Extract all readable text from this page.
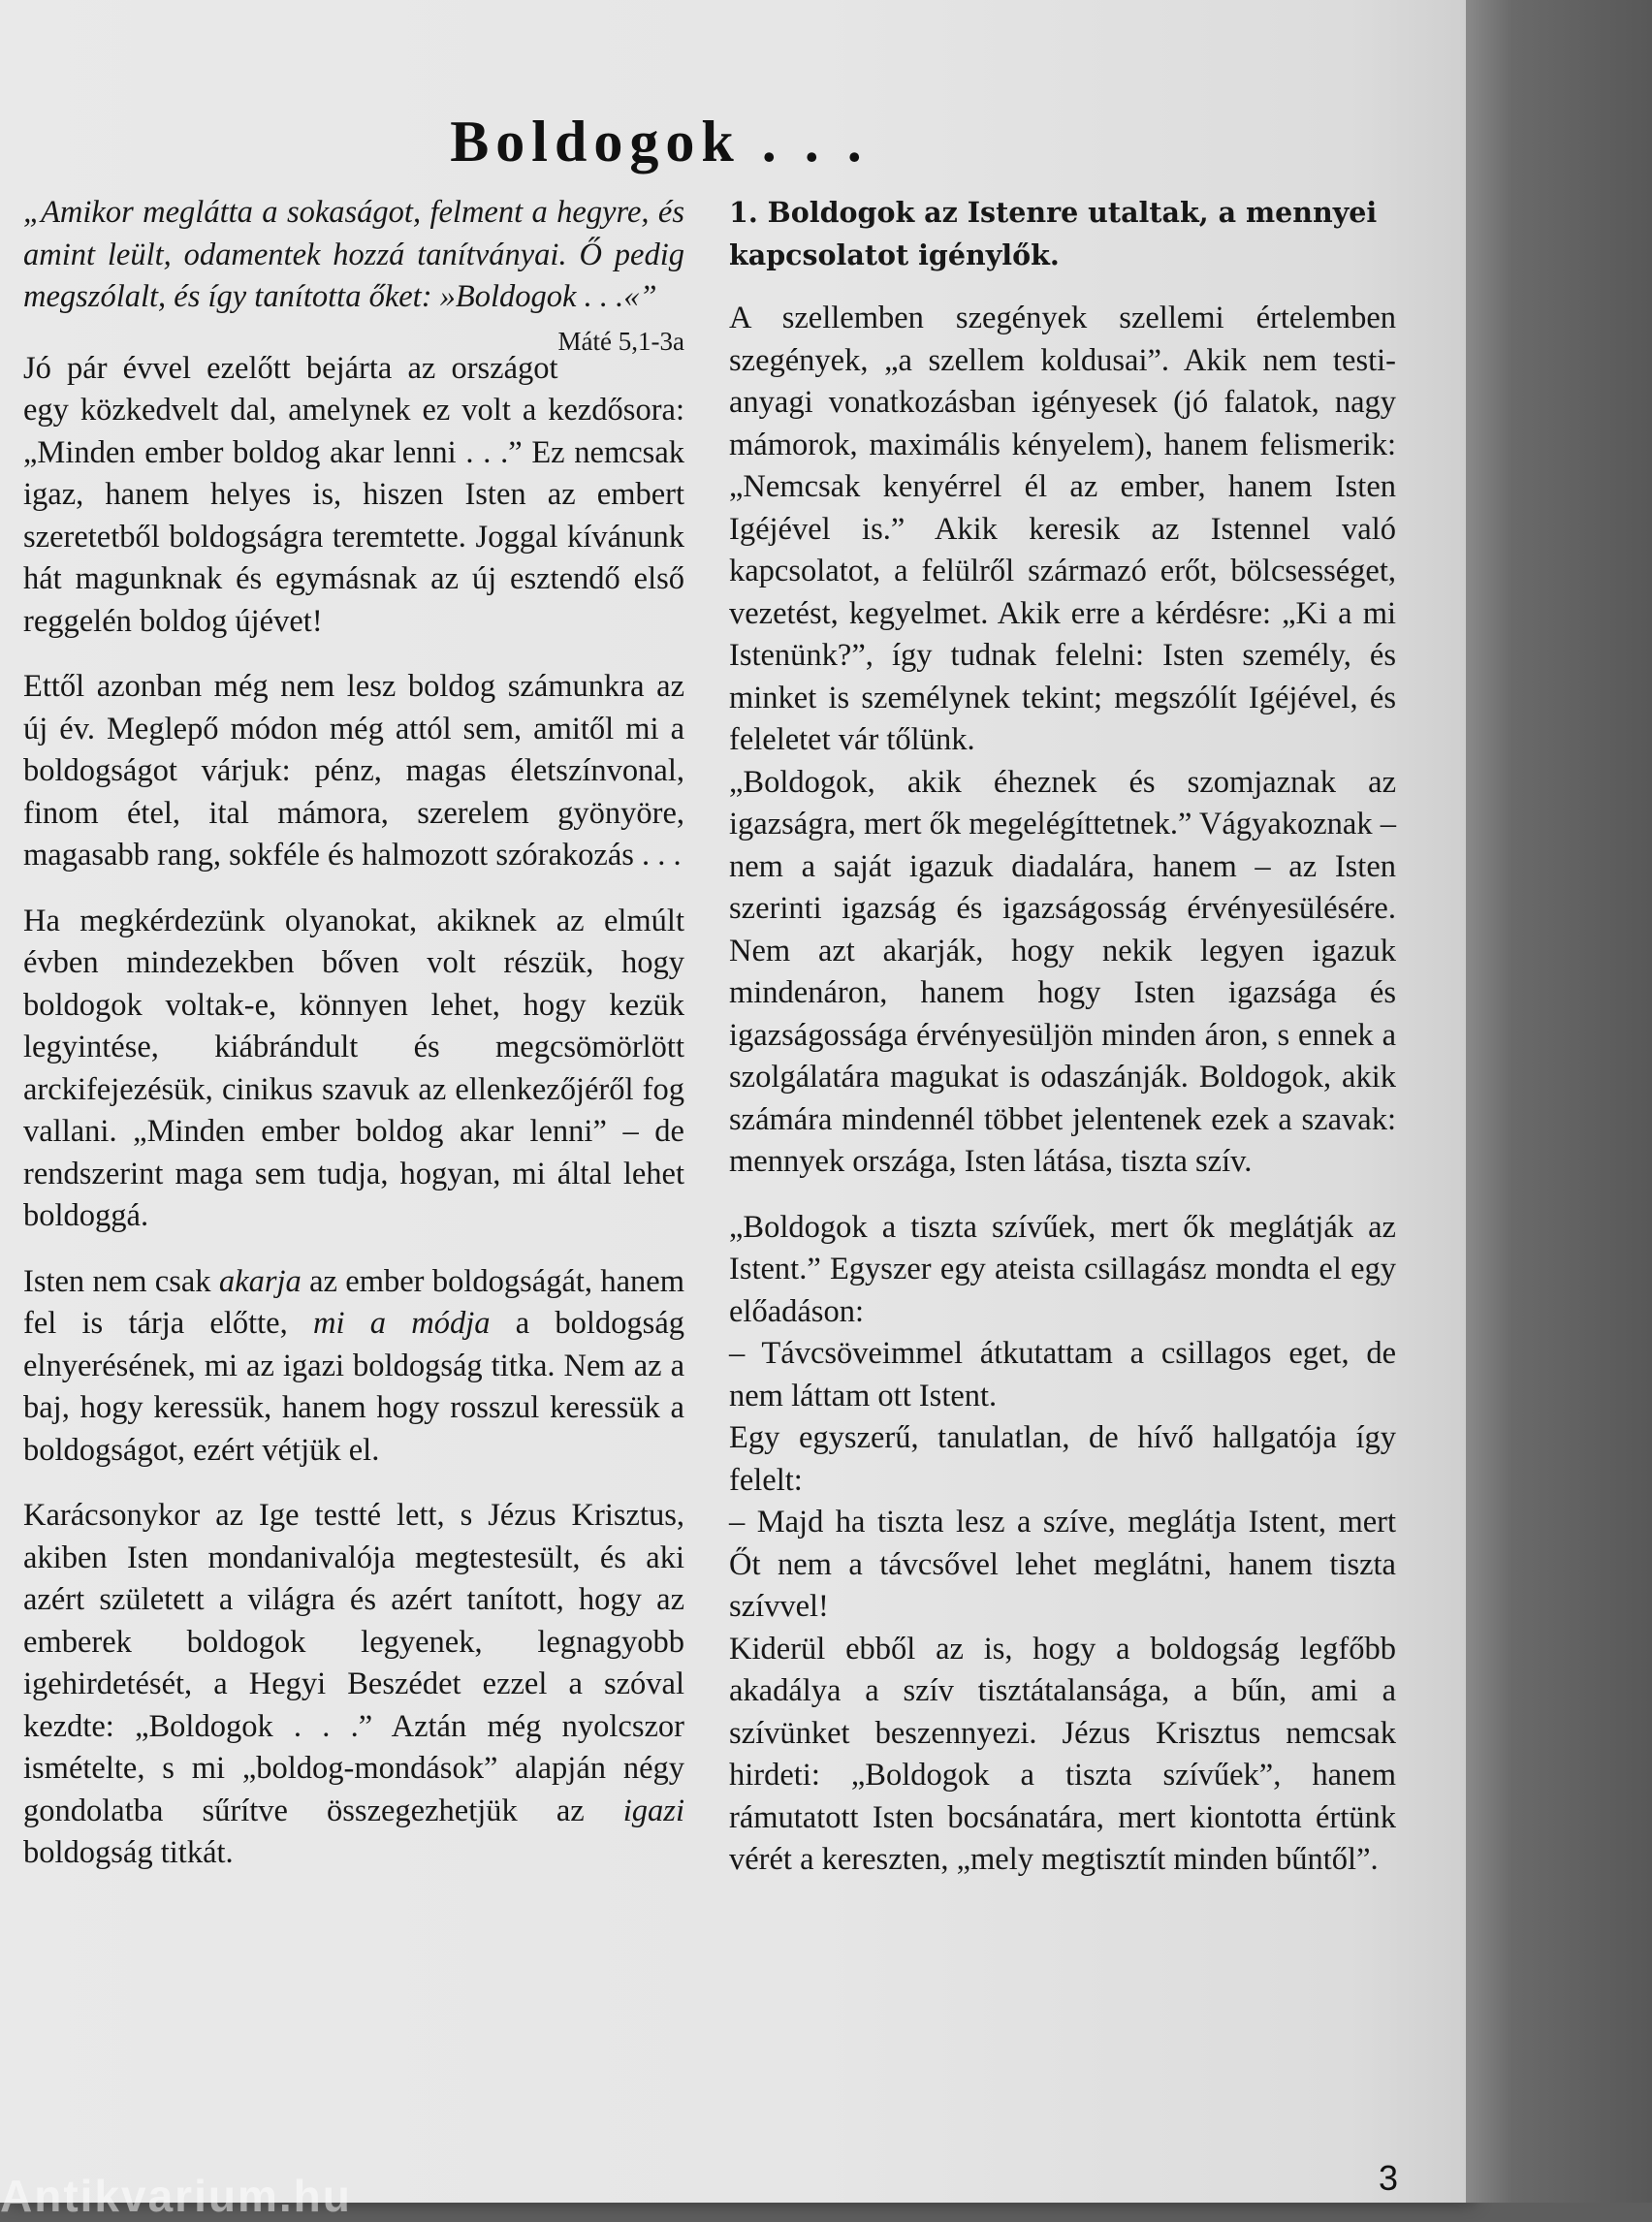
Boldogok . . .

„Amikor meglátta a sokaságot, felment a hegyre, és amint leült, odamentek hozzá tanítványai. Ő pedig megszólalt, és így tanította őket: »Boldogok . . .«”
Máté 5,1-3a

Jó pár évvel ezelőtt bejárta az országot egy közkedvelt dal, amelynek ez volt a kezdősora: „Minden ember boldog akar lenni . . .” Ez nemcsak igaz, hanem helyes is, hiszen Isten az embert szeretetből boldogságra teremtette. Joggal kívánunk hát magunknak és egymásnak az új esztendő első reggelén boldog újévet!

Ettől azonban még nem lesz boldog számunkra az új év. Meglepő módon még attól sem, amitől mi a boldogságot várjuk: pénz, magas életszínvonal, finom étel, ital mámora, szerelem gyönyöre, magasabb rang, sokféle és halmozott szórakozás . . .

Ha megkérdezünk olyanokat, akiknek az elmúlt évben mindezekben bőven volt részük, hogy boldogok voltak-e, könnyen lehet, hogy kezük legyintése, kiábrándult és megcsömörlött arckifejezésük, cinikus szavuk az ellenkezőjéről fog vallani. „Minden ember boldog akar lenni” – de rendszerint maga sem tudja, hogyan, mi által lehet boldoggá.

Isten nem csak akarja az ember boldogságát, hanem fel is tárja előtte, mi a módja a boldogság elnyerésének, mi az igazi boldogság titka. Nem az a baj, hogy keressük, hanem hogy rosszul keressük a boldogságot, ezért vétjük el.

Karácsonykor az Ige testté lett, s Jézus Krisztus, akiben Isten mondanivalója megtestesült, és aki azért született a világra és azért tanított, hogy az emberek boldogok legyenek, legnagyobb igehirdetését, a Hegyi Beszédet ezzel a szóval kezdte: „Boldogok . . .” Aztán még nyolcszor ismételte, s mi „boldog-mondások” alapján négy gondolatba sűrítve összegezhetjük az igazi boldogság titkát.

1. Boldogok az Istenre utaltak, a mennyei kapcsolatot igénylők.

A szellemben szegények szellemi értelemben szegények, „a szellem koldusai”. Akik nem testi-anyagi vonatkozásban igényesek (jó falatok, nagy mámorok, maximális kényelem), hanem felismerik: „Nemcsak kenyérrel él az ember, hanem Isten Igéjével is.” Akik keresik az Istennel való kapcsolatot, a felülről származó erőt, bölcsességet, vezetést, kegyelmet. Akik erre a kérdésre: „Ki a mi Istenünk?”, így tudnak felelni: Isten személy, és minket is személynek tekint; megszólít Igéjével, és feleletet vár tőlünk.

„Boldogok, akik éheznek és szomjaznak az igazságra, mert ők megelégíttetnek.” Vágyakoznak – nem a saját igazuk diadalára, hanem – az Isten szerinti igazság és igazságosság érvényesülésére. Nem azt akarják, hogy nekik legyen igazuk mindenáron, hanem hogy Isten igazsága és igazságossága érvényesüljön minden áron, s ennek a szolgálatára magukat is odaszánják. Boldogok, akik számára mindennél többet jelentenek ezek a szavak: mennyek országa, Isten látása, tiszta szív.

„Boldogok a tiszta szívűek, mert ők meglátják az Istent.” Egyszer egy ateista csillagász mondta el egy előadáson:

– Távcsöveimmel átkutattam a csillagos eget, de nem láttam ott Istent.

Egy egyszerű, tanulatlan, de hívő hallgatója így felelt:

– Majd ha tiszta lesz a szíve, meglátja Istent, mert Őt nem a távcsővel lehet meglátni, hanem tiszta szívvel!

Kiderül ebből az is, hogy a boldogság legfőbb akadálya a szív tisztátalansága, a bűn, ami a szívünket beszennyezi. Jézus Krisztus nemcsak hirdeti: „Boldogok a tiszta szívűek”, hanem rámutatott Isten bocsánatára, mert kiontotta értünk vérét a kereszten, „mely megtisztít minden bűntől”.

3
Antikvarium.hu
